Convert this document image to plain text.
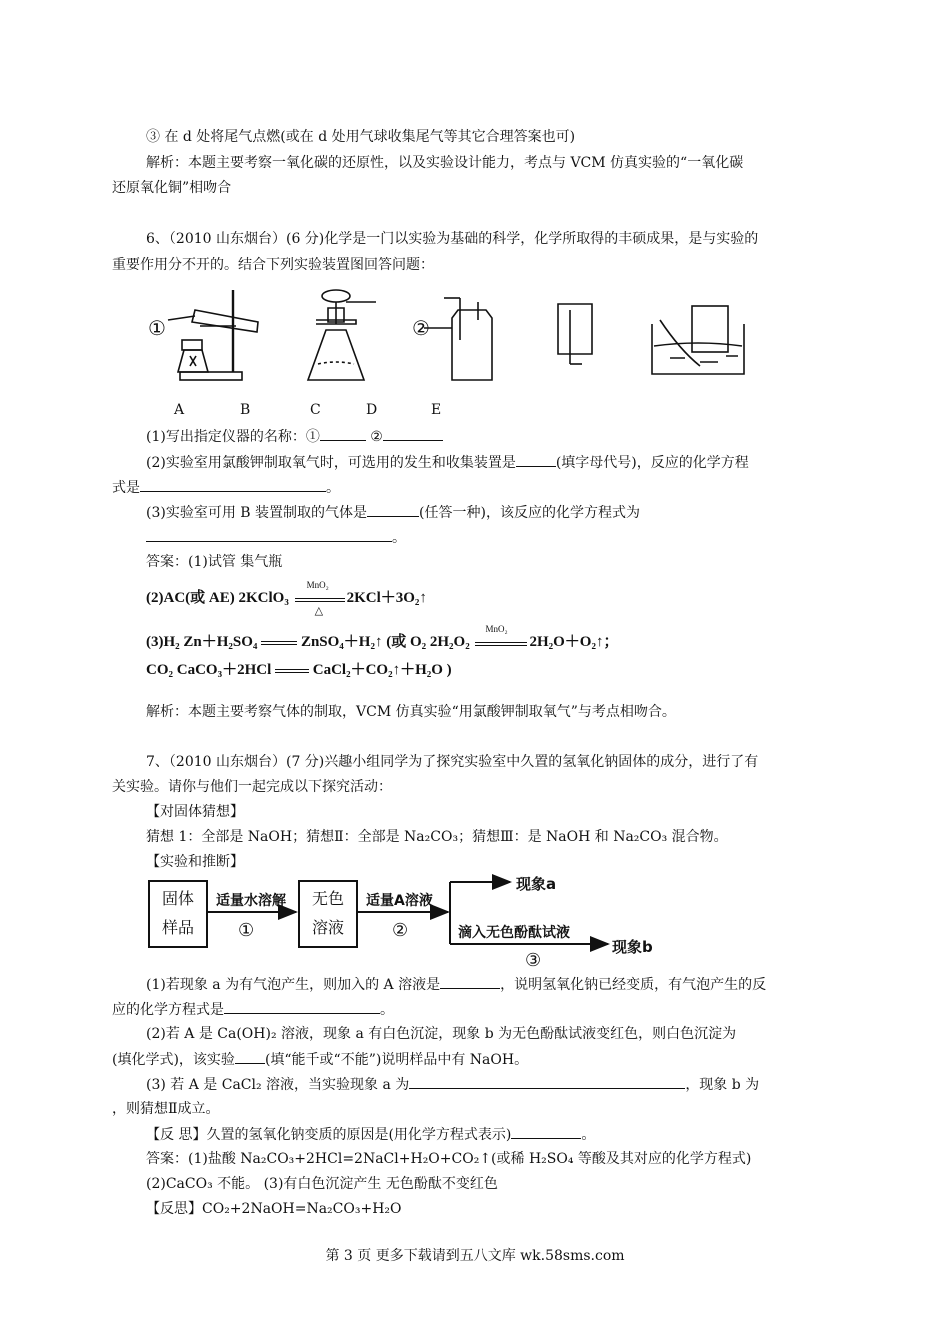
③ 在 d 处将尾气点燃(或在 d 处用气球收集尾气等其它合理答案也可)
解析：本题主要考察一氧化碳的还原性，以及实验设计能力，考点与 VCM 仿真实验的“一氧化碳
还原氧化铜”相吻合
6、（2010 山东烟台）(6 分)化学是一门以实验为基础的科学，化学所取得的丰硕成果，是与实验的
重要作用分不开的。结合下列实验装置图回答问题：
①	②
A	B	C	D	E
(1)写出指定仪器的名称：①	②
(2)实验室用氯酸钾制取氧气时，可选用的发生和收集装置是	(填字母代号)，反应的化学方程
式是	。
(3)实验室可用 B 装置制取的气体是	(任答一种)，该反应的化学方程式为
。
答案：(1)试管 集气瓶
(2)AC(或 AE) 2KClO₃
MnO₂
△
2KCl＋3O₂↑
(3)H₂ Zn＋H₂SO₄	ZnSO₄＋H₂↑ (或 O₂ 2H₂O₂
MnO₂
2H₂O＋O₂↑；
CO₂ CaCO₃＋2HCl	CaCl₂＋CO₂↑＋H₂O )
解析：本题主要考察气体的制取，VCM 仿真实验“用氯酸钾制取氧气”与考点相吻合。
7、（2010 山东烟台）(7 分)兴趣小组同学为了探究实验室中久置的氢氧化钠固体的成分，进行了有
关实验。请你与他们一起完成以下探究活动：
【对固体猜想】
猜想 1：全部是 NaOH；猜想Ⅱ：全部是 Na₂CO₃；猜想Ⅲ：是 NaOH 和 Na₂CO₃ 混合物。
【实验和推断】
固体
样品
无色
溶液
适量水溶解
①
适量A溶液
②
现象a
滴入无色酚酞试液
③
现象b
(1)若现象 a 为有气泡产生，则加入的 A 溶液是	，说明氢氧化钠已经变质，有气泡产生的反
应的化学方程式是	。
(2)若 A 是 Ca(OH)₂ 溶液，现象 a 有白色沉淀，现象 b 为无色酚酞试液变红色，则白色沉淀为
(填化学式)，该实验 (填“能千或“不能”)说明样品中有 NaOH。
(3) 若 A 是 CaCl₂ 溶液，当实验现象 a 为	，现象 b 为
，则猜想Ⅱ成立。
【反 思】久置的氢氧化钠变质的原因是(用化学方程式表示)	。
答案：(1)盐酸 Na₂CO₃+2HCl=2NaCl+H₂O+CO₂↑(或稀 H₂SO₄ 等酸及其对应的化学方程式)
(2)CaCO₃ 不能。 (3)有白色沉淀产生 无色酚酞不变红色
【反思】CO₂+2NaOH=Na₂CO₃+H₂O
第 3 页 更多下载请到五八文库 wk.58sms.com
